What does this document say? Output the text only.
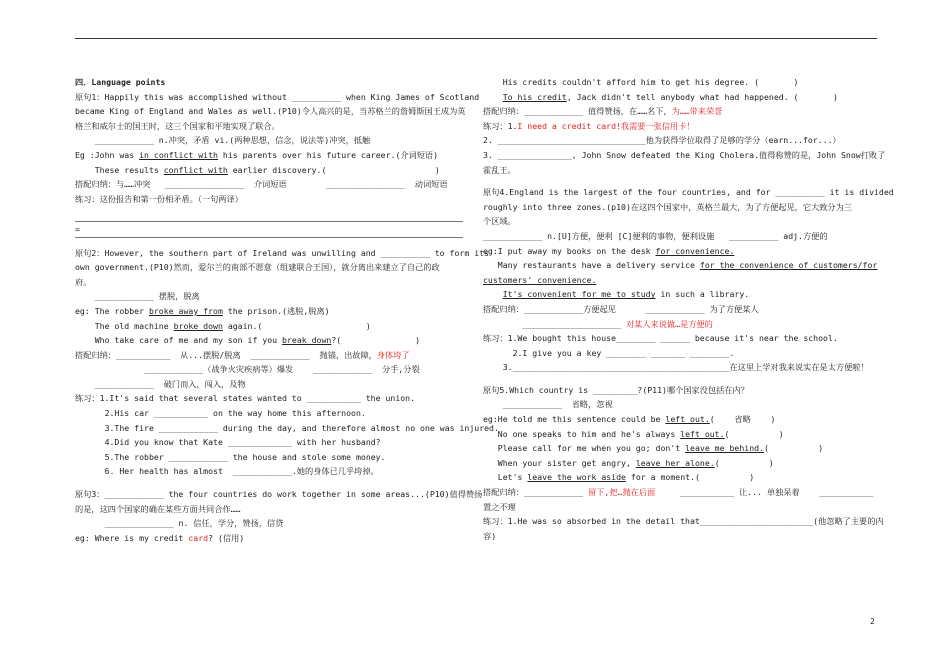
四．Language points
原句1：Happily this was accomplished without __________ when King James of Scotland
became King of England and Wales as well.(P10)令人高兴的是，当苏格兰的詹姆斯国王成为英
格兰和威尔士的国王时，这三个国家和平地实现了联合。
____________ n.冲突，矛盾 vi.(两种思想，信念，说法等)冲突，抵触
Eg :John was in conflict with his parents over his future career.(介词短语)
These results conflict with earlier discovery.(                      )
搭配归纳：与……冲突   ________________  介词短语        ________________  动词短语
练习：这份报告和第一份相矛盾。（一句两译）
=
原句2：However, the southern part of Ireland was unwilling and __________ to form its
own government.(P10)然而，爱尔兰的南部不愿意（组建联合王国），就分离出来建立了自己的政
府。
____________ 摆脱，脱离
eg: The robber broke away from the prison.(逃脱,脱离)
The old machine broke down again.(                     )
Who take care of me and my son if you break down?(               )
搭配归纳：___________  从...摆脱/脱离  ____________  抛锚，出故障，身体垮了
____________（战争火灾疾病等）爆发    ____________  分手,分裂
____________  破门而入，闯入，及物
练习：1.It's said that several states wanted to ___________ the union.
2.His car ___________ on the way home this afternoon.
3.The fire ____________ during the day, and therefore almost no one was injured.
4.Did you know that Kate _____________ with her husband?
5.The robber ____________ the house and stole some money.
6. Her health has almost  ____________.她的身体已几乎垮掉。
原句3：____________ the four countries do work together in some areas...(P10)值得赞扬
的是，这四个国家的确在某些方面共同合作……
______________ n. 信任，学分，赞扬，信贷
eg: Where is my credit card? (信用)
His credits couldn't afford him to get his degree. (       )
To his credit, Jack didn't tell anybody what had happened. (       )
搭配归纳：____________ 值得赞扬，在……名下，为……带来荣誉
练习：1.I need a credit card!我需要一张信用卡！
2. ______________________________他为获得学位取得了足够的学分（earn...for...）
3. _______________, John Snow defeated the King Cholera.值得称赞的是，John Snow打败了
霍乱王。
原句4.England is the largest of the four countries, and for __________ it is divided
roughly into three zones.(p10)在这四个国家中，英格兰最大，为了方便起见，它大致分为三
个区域。
____________ n.[U]方便，便利 [C]便利的事物，便利设施   __________ adj.方便的
eg:I put away my books on the desk for convenience.
Many restaurants have a delivery service for the convenience of customers/for
customers' convenience.
It's convenient for me to study in such a library.
搭配归纳：____________方便起见      ____________ 为了方便某人
____________________ 对某人来说做…是方便的
练习：1.We bought this house________ ______ because it's near the school.
2.I give you a key ________ _______ ________.
3.____________________________________________在这里上学对我来说实在是太方便啦！
原句5.Which country is _________?(P11)哪个国家没包括在内？
____________  省略，忽视
eg:He told me this sentence could be left out.(    省略    )
No one speaks to him and he's always left out.(          )
Please call for me when you go; don't leave me behind.(          )
When your sister get angry, leave her alone.(          )
Let's leave the work aside for a moment.(          )
搭配归纳：____________ 留下,把…抛在后面     ___________ 让... 单独呆着    ___________
置之不理
练习：1.He was so absorbed in the detail that_______________________(他忽略了主要的内
容)
2
